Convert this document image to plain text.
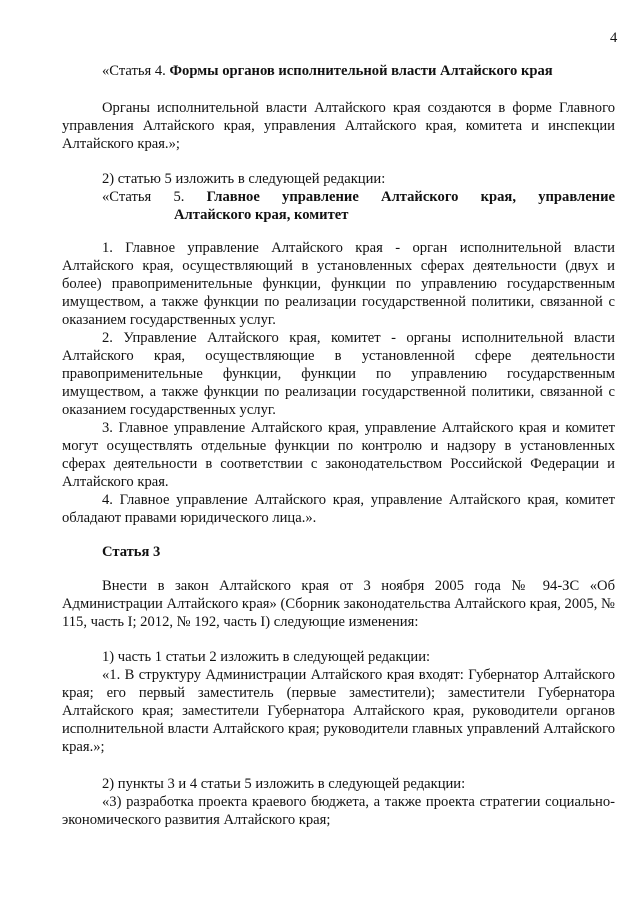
4

«Статья 4. Формы органов исполнительной власти Алтайского края

Органы исполнительной власти Алтайского края создаются в форме Главного управления Алтайского края, управления Алтайского края, комитета и инспекции Алтайского края.»;

2) статью 5 изложить в следующей редакции:

«Статья 5. Главное управление Алтайского края, управление

Алтайского края, комитет

1. Главное управление Алтайского края - орган исполнительной власти Алтайского края, осуществляющий в установленных сферах деятельности (двух и более) правоприменительные функции, функции по управлению государственным имуществом, а также функции по реализации государственной политики, связанной с оказанием государственных услуг.

2. Управление Алтайского края, комитет - органы исполнительной власти Алтайского края, осуществляющие в установленной сфере деятельности правоприменительные функции, функции по управлению государственным имуществом, а также функции по реализации государственной политики, связанной с оказанием государственных услуг.

3. Главное управление Алтайского края, управление Алтайского края и комитет могут осуществлять отдельные функции по контролю и надзору в установленных сферах деятельности в соответствии с законодательством Российской Федерации и Алтайского края.

4. Главное управление Алтайского края, управление Алтайского края, комитет обладают правами юридического лица.».

Статья 3

Внести в закон Алтайского края от 3 ноября 2005 года № 94-ЗС «Об Администрации Алтайского края» (Сборник законодательства Алтайского края, 2005, № 115, часть I; 2012, № 192, часть I) следующие изменения:

1) часть 1 статьи 2 изложить в следующей редакции:

«1. В структуру Администрации Алтайского края входят: Губернатор Алтайского края; его первый заместитель (первые заместители); заместители Губернатора Алтайского края; заместители Губернатора Алтайского края, руководители органов исполнительной власти Алтайского края; руководители главных управлений Алтайского края.»;

2) пункты 3 и 4 статьи 5 изложить в следующей редакции:

«3) разработка проекта краевого бюджета, а также проекта стратегии социально-экономического развития Алтайского края;
